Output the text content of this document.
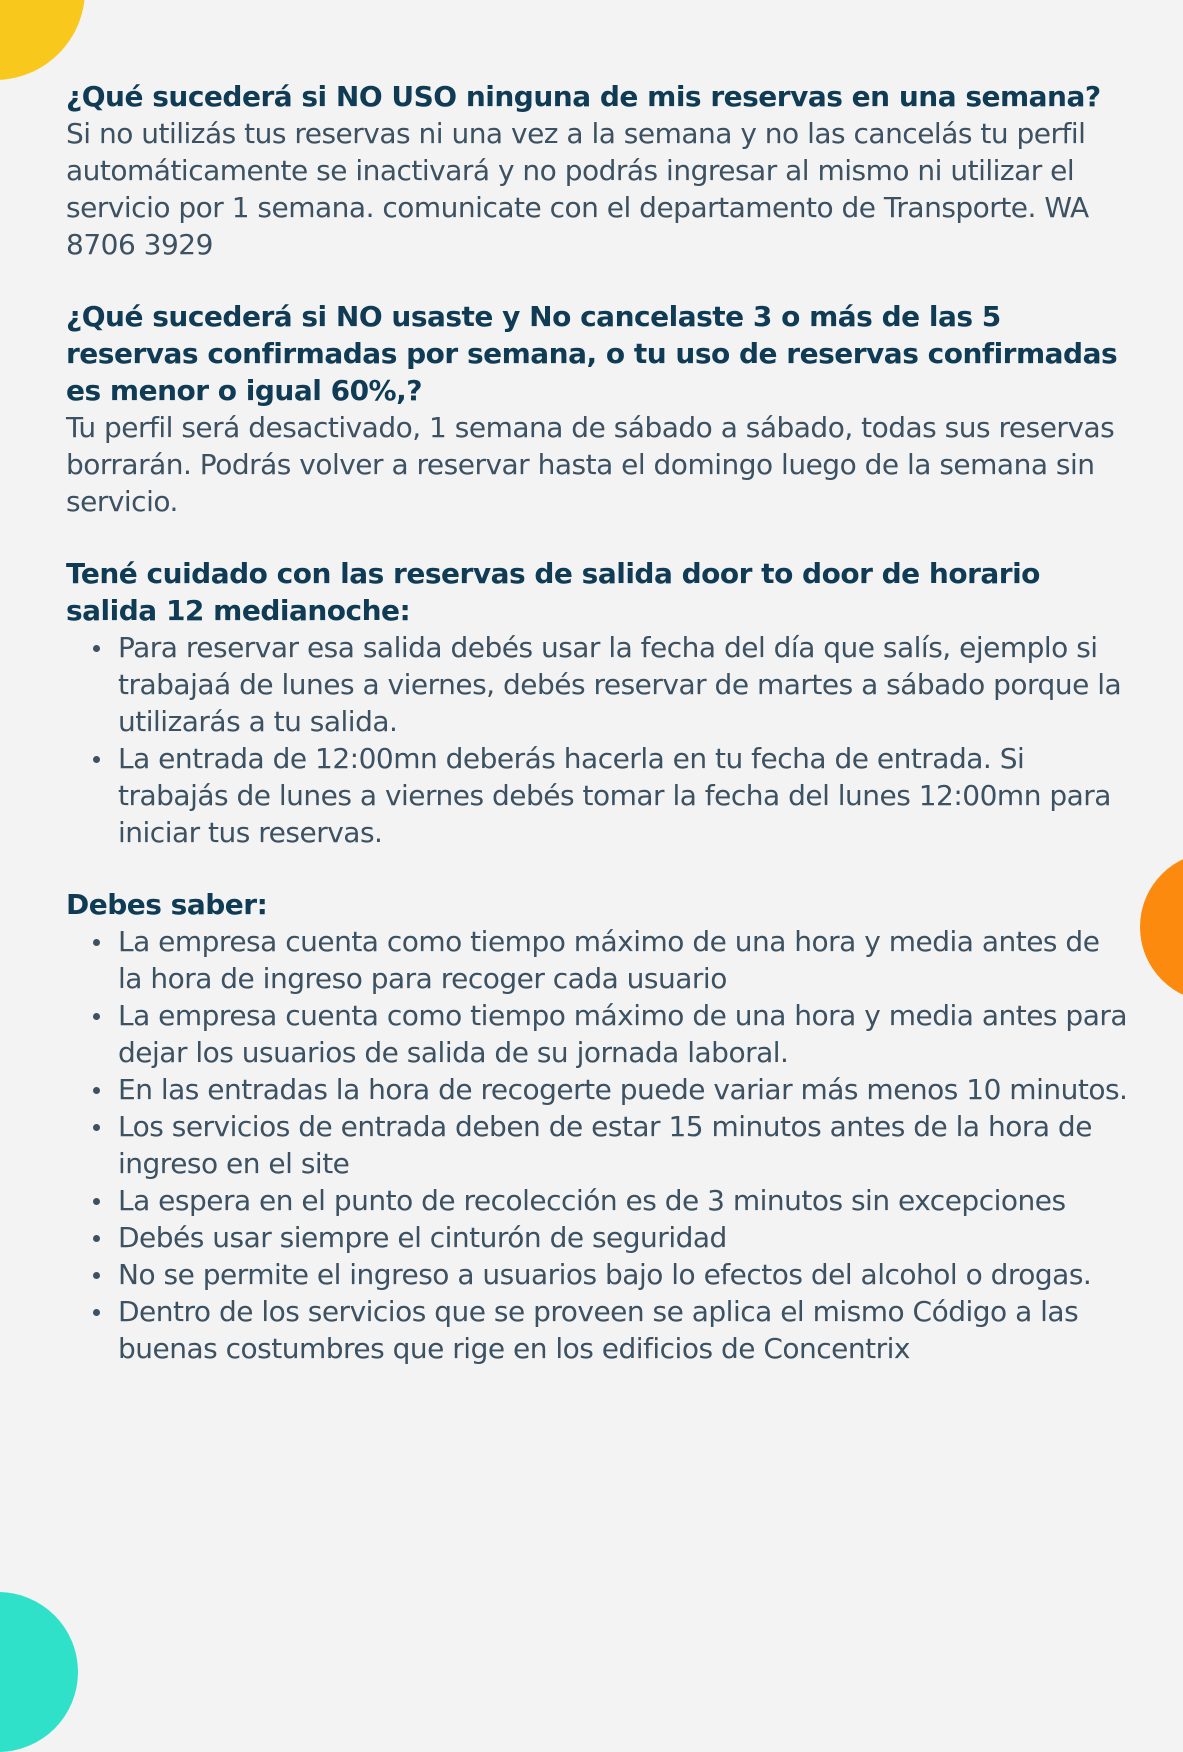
¿Qué sucederá si NO USO ninguna de mis reservas en una semana?

Si no utilizás tus reservas ni una vez a la semana y no las cancelás tu perfil automáticamente se inactivará y no podrás ingresar al mismo ni utilizar el servicio por 1 semana. comunicate con el departamento de Transporte. WA 8706 3929

¿Qué sucederá si NO usaste y No cancelaste 3 o más de las 5 reservas confirmadas por semana, o tu uso de reservas confirmadas es menor o igual 60%,?

Tu perfil será desactivado, 1 semana de sábado a sábado, todas sus reservas borrarán. Podrás volver a reservar hasta el domingo luego de la semana sin servicio.

Tené cuidado con las reservas de salida door to door de horario salida 12 medianoche:

Para reservar esa salida debés usar la fecha del día que salís, ejemplo si trabajaá de lunes a viernes, debés reservar de martes a sábado porque la utilizarás a tu salida.
La entrada de 12:00mn deberás hacerla en tu fecha de entrada. Si trabajás de lunes a viernes debés tomar la fecha del lunes 12:00mn para iniciar tus reservas.

Debes saber:

La empresa cuenta como tiempo máximo de una hora y media antes de la hora de ingreso para recoger cada usuario
La empresa cuenta como tiempo máximo de una hora y media antes para dejar los usuarios de salida de su jornada laboral.
En las entradas la hora de recogerte puede variar más menos 10 minutos.
Los servicios de entrada deben de estar 15 minutos antes de la hora de ingreso en el site
La espera en el punto de recolección es de 3 minutos sin excepciones
Debés usar siempre el cinturón de seguridad
No se permite el ingreso a usuarios bajo lo efectos del alcohol o drogas.
Dentro de los servicios que se proveen se aplica el mismo Código a las buenas costumbres que rige en los edificios de Concentrix
